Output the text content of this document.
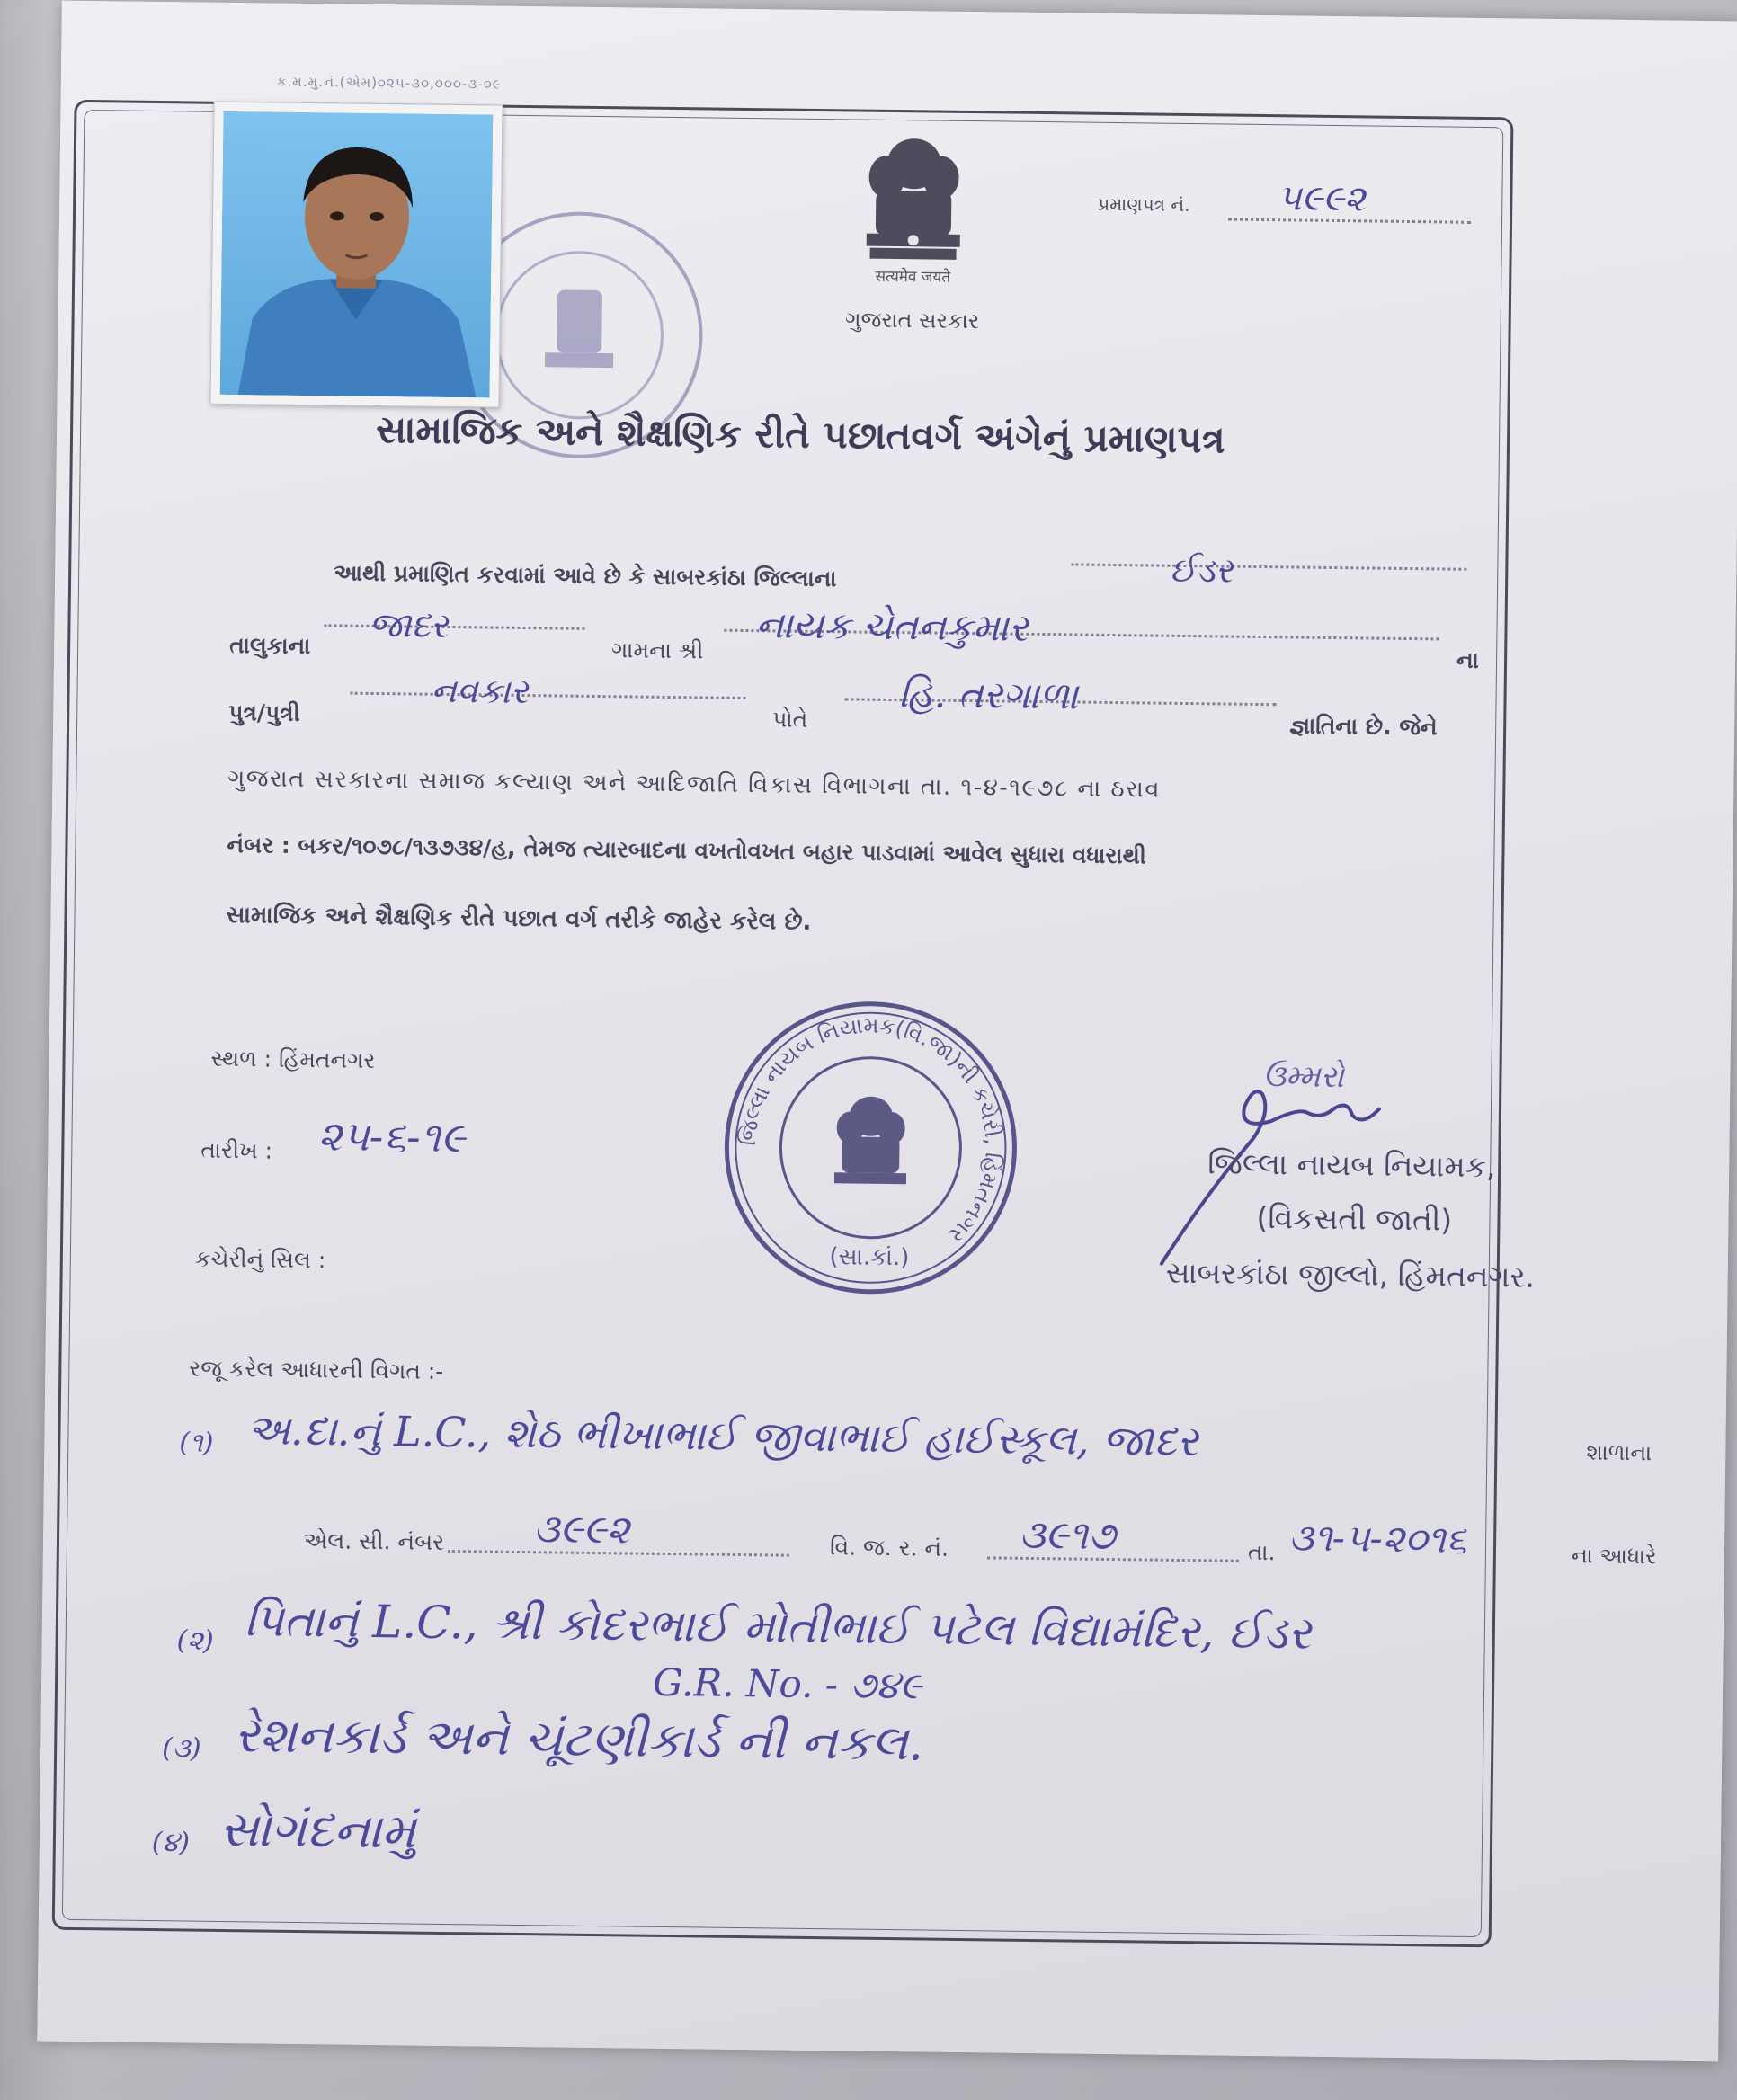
ક.મ.મુ.નં.(એમ)૦૨૫-૩૦,૦૦૦-૩-૦૯
सत्यमेव जयते
ગુજરાત સરકાર
પ્રમાણપત્ર નં. ૫૯૯૨
સામાજિક અને શૈક્ષણિક રીતે પછાતવર્ગ અંગેનું પ્રમાણપત્ર
આથી પ્રમાણિત કરવામાં આવે છે કે સાબરકાંઠા જિલ્લાના	ઈડર
તાલુકાના
જાદર
ગામના શ્રી
નાયક ચેતનકુમાર
ના
પુત્ર/પુત્રી
નવકાર
પોતે
હિ. તરગાળા
જ્ઞાતિના છે. જેને
ગુજરાત સરકારના સમાજ કલ્યાણ અને આદિજાતિ વિકાસ વિભાગના તા. ૧-૪-૧૯૭૮ ના ઠરાવ
નંબર : બકર/૧૦૭૮/૧૩૭૩૪/હ, તેમજ ત્યારબાદના વખતોવખત બહાર પાડવામાં આવેલ સુધારા વધારાથી
સામાજિક અને શૈક્ષણિક રીતે પછાત વર્ગ તરીકે જાહેર કરેલ છે.
સ્થળ : હિંમતનગર
તારીખ : ૨૫-૬-૧૯
કચેરીનું સિલ :
જિલ્લા નાયબ નિયામક(વિ.જા)ની કચેરી, હિંમતનગર
(સા.કાં.)
ઉમ્મરો
જિલ્લા નાયબ નિયામક,
(વિકસતી જાતી)
સાબરકાંઠા જીલ્લો, હિંમતનગર.
રજૂ કરેલ આધારની વિગત :-
(૧) અ.દા.નું L.C., શેઠ ભીખાભાઈ જીવાભાઈ હાઈસ્કૂલ, જાદર	શાળાના
એલ. સી. નંબર ૩૯૯૨	વિ. જ. ર. નં. ૩૯૧૭	તા. ૩૧-૫-૨૦૧૬	ના આધારે
(૨) પિતાનું L.C., શ્રી કોદરભાઈ મોતીભાઈ પટેલ વિદ્યામંદિર, ઈડર
G.R. No. - ૭૪૯
(૩) રેશનકાર્ડ અને ચૂંટણીકાર્ડ ની નકલ.
(૪) સોગંદનામું
